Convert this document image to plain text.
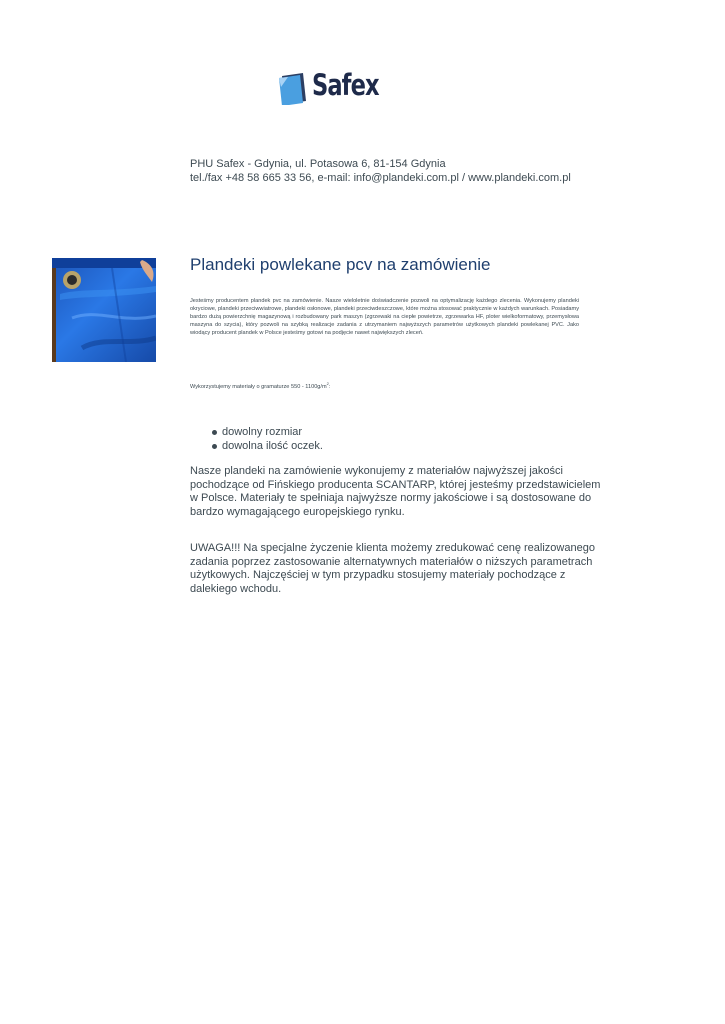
Safex
PHU Safex - Gdynia, ul. Potasowa 6, 81-154 Gdynia
tel./fax +48 58 665 33 56, e-mail: info@plandeki.com.pl / www.plandeki.com.pl
Plandeki powlekane pcv na zamówienie
Jesteśmy producentem plandek pvc na zamówienie. Nasze wieloletnie doświadczenie pozwoli na optymalizację każdego zlecenia. Wykonujemy plandeki okryciowe, plandeki przeciwwiatrowe, plandeki osłonowe, plandeki przeciwdeszczowe, które można stosować praktycznie w każdych warunkach. Posiadamy bardzo dużą powierzchnię magazynową i rozbudowany park maszyn (zgrzewaki na ciepłe powietrze, zgrzewarka HF, ploter wielkoformatowy, przemysłowa maszyna do szycia), który pozwoli na szybką realizacje zadania z utrzymaniem najwyższych parametrów użytkowych plandeki powlekanej PVC. Jako wiodący producent plandek w Polsce jesteśmy gotowi na podjęcie nawet największych zleceń.
Wykorzystujemy materiały o gramaturze $550 - 1100g/m^2$:
dowolny rozmiar
dowolna ilość oczek.
Nasze plandeki na zamówienie wykonujemy z materiałów najwyższej jakości
pochodzące od Fińskiego producenta SCANTARP, której jesteśmy przedstawicielem
w Polsce. Materiały te spełniaja najwyższe normy jakościowe i są dostosowane do
bardzo wymagającego europejskiego rynku.
UWAGA!!! Na specjalne życzenie klienta możemy zredukować cenę realizowanego
zadania poprzez zastosowanie alternatywnych materiałów o niższych parametrach
użytkowych. Najczęściej w tym przypadku stosujemy materiały pochodzące z
dalekiego wchodu.
